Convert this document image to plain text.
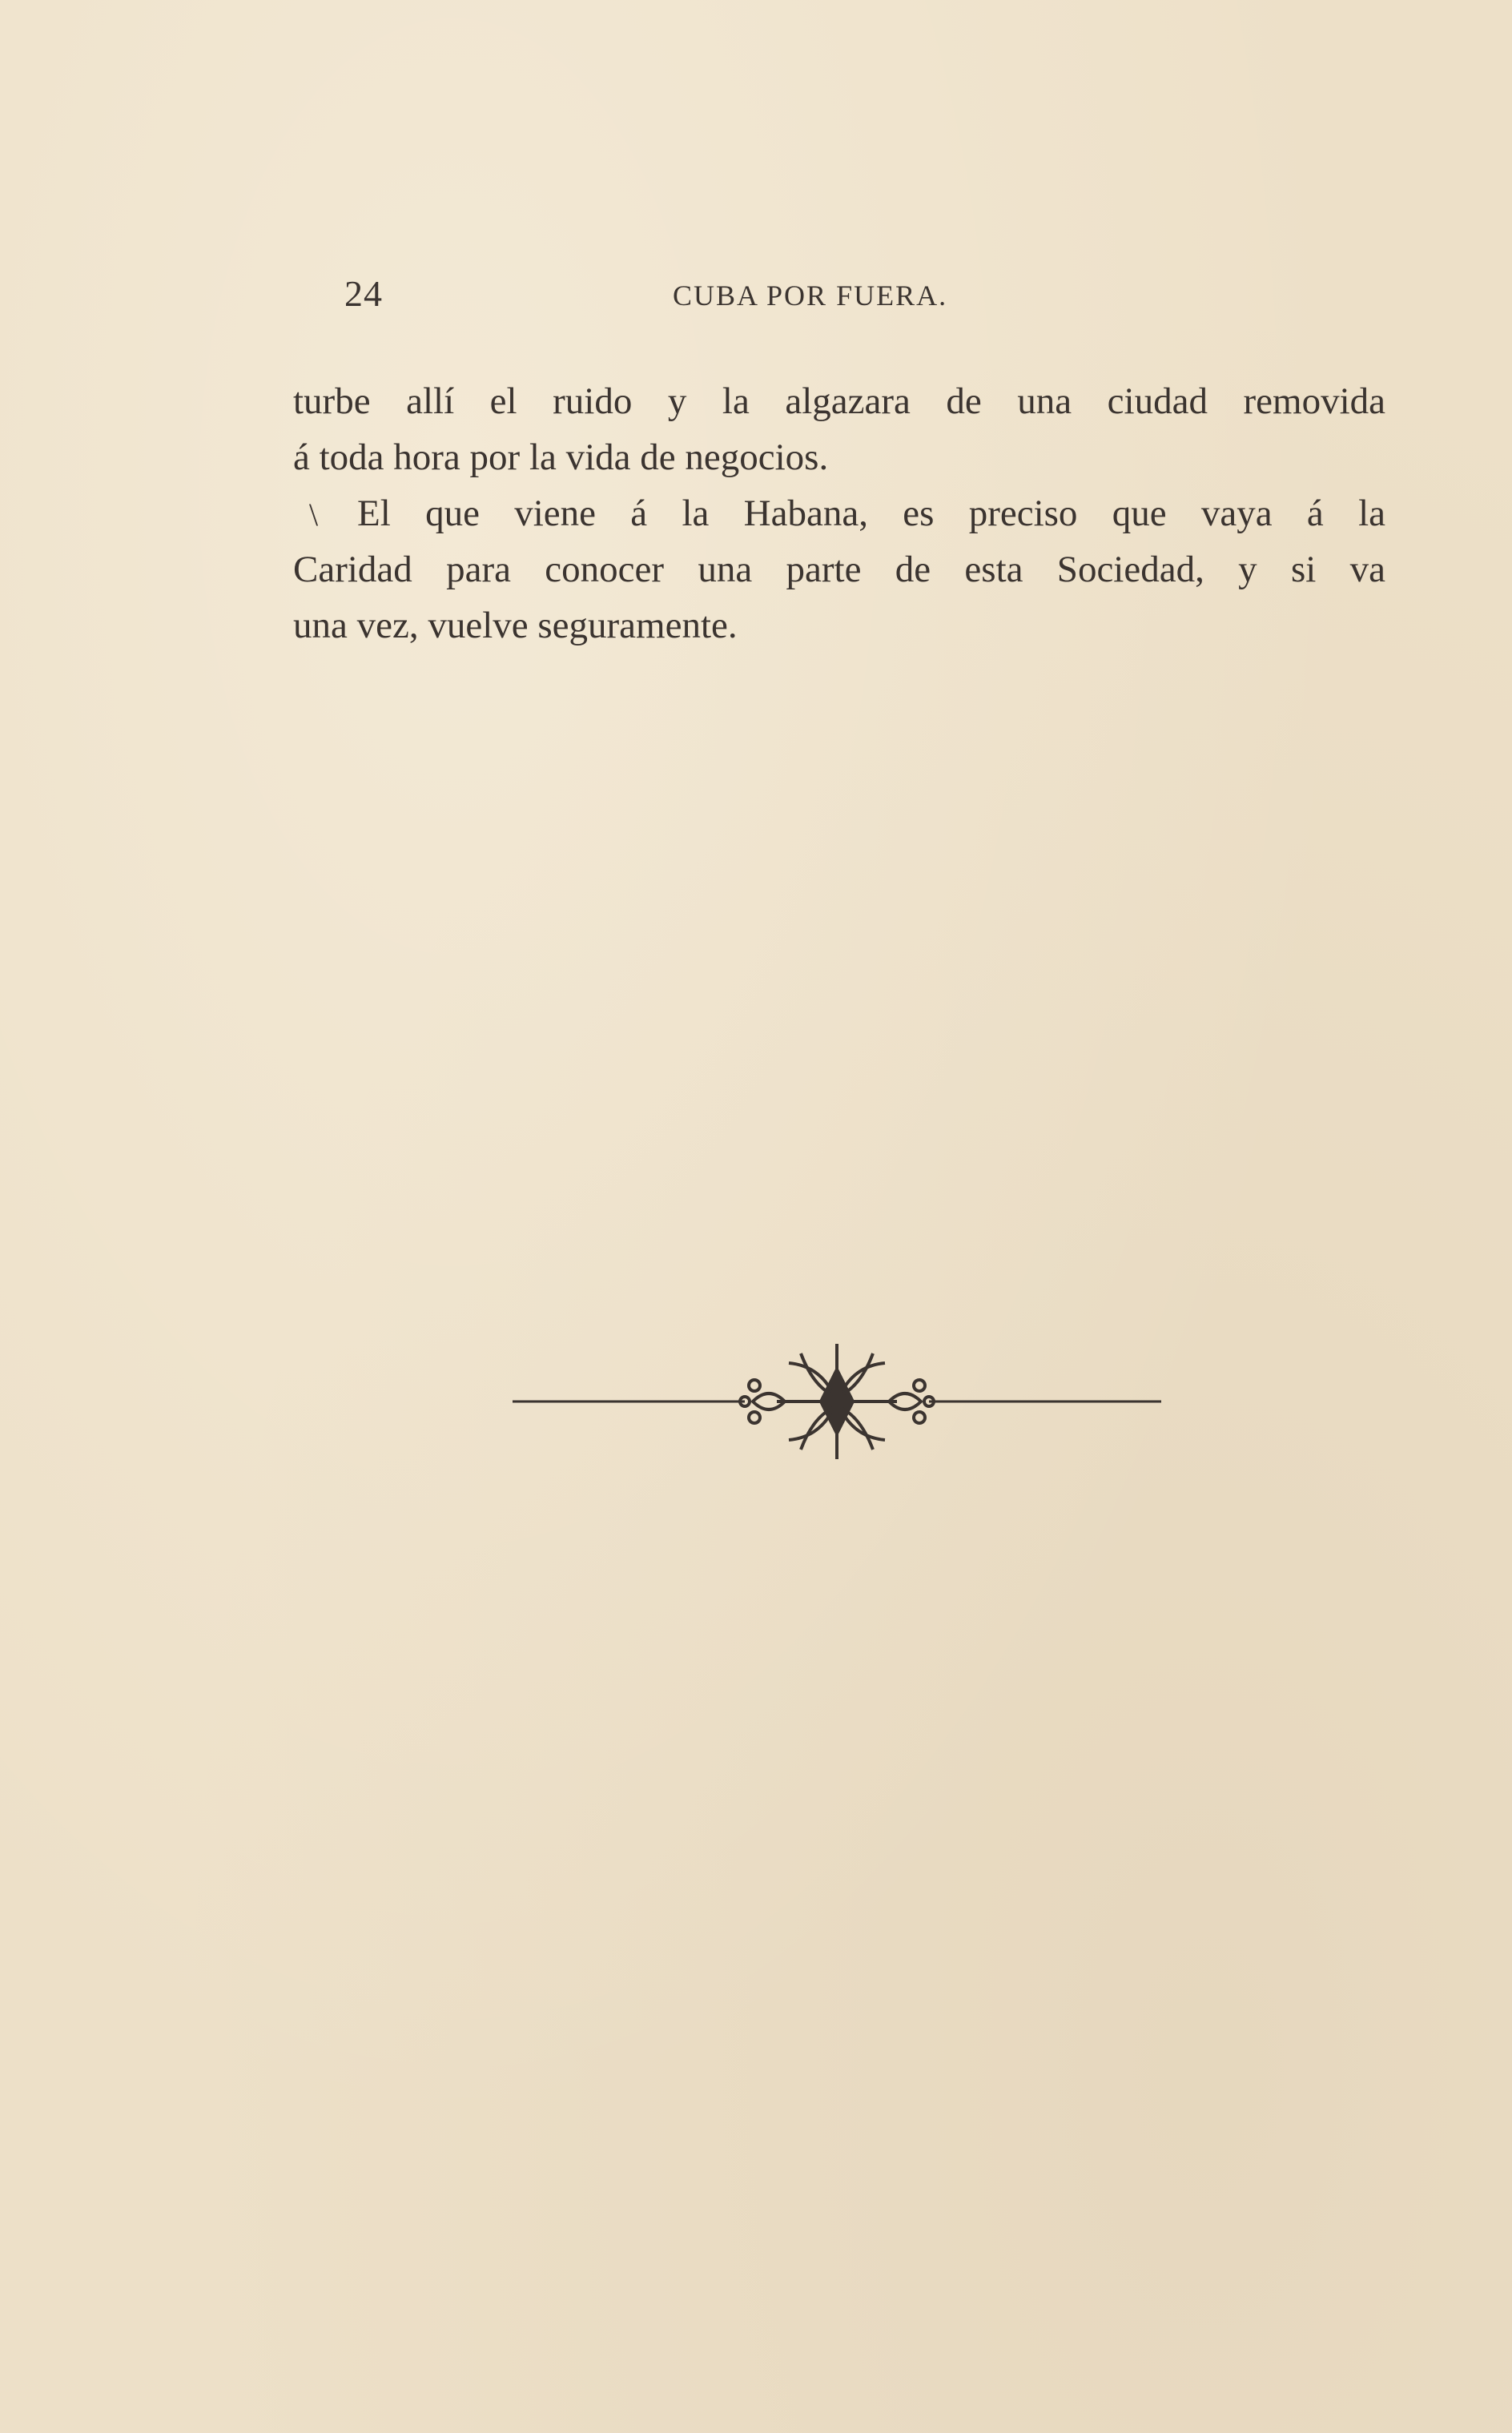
24	CUBA POR FUERA.
turbe allí el ruido y la algazara de una ciudad removida
á toda hora por la vida de negocios.
\ El que viene á la Habana, es preciso que vaya á la
Caridad para conocer una parte de esta Sociedad, y si va
una vez, vuelve seguramente.
